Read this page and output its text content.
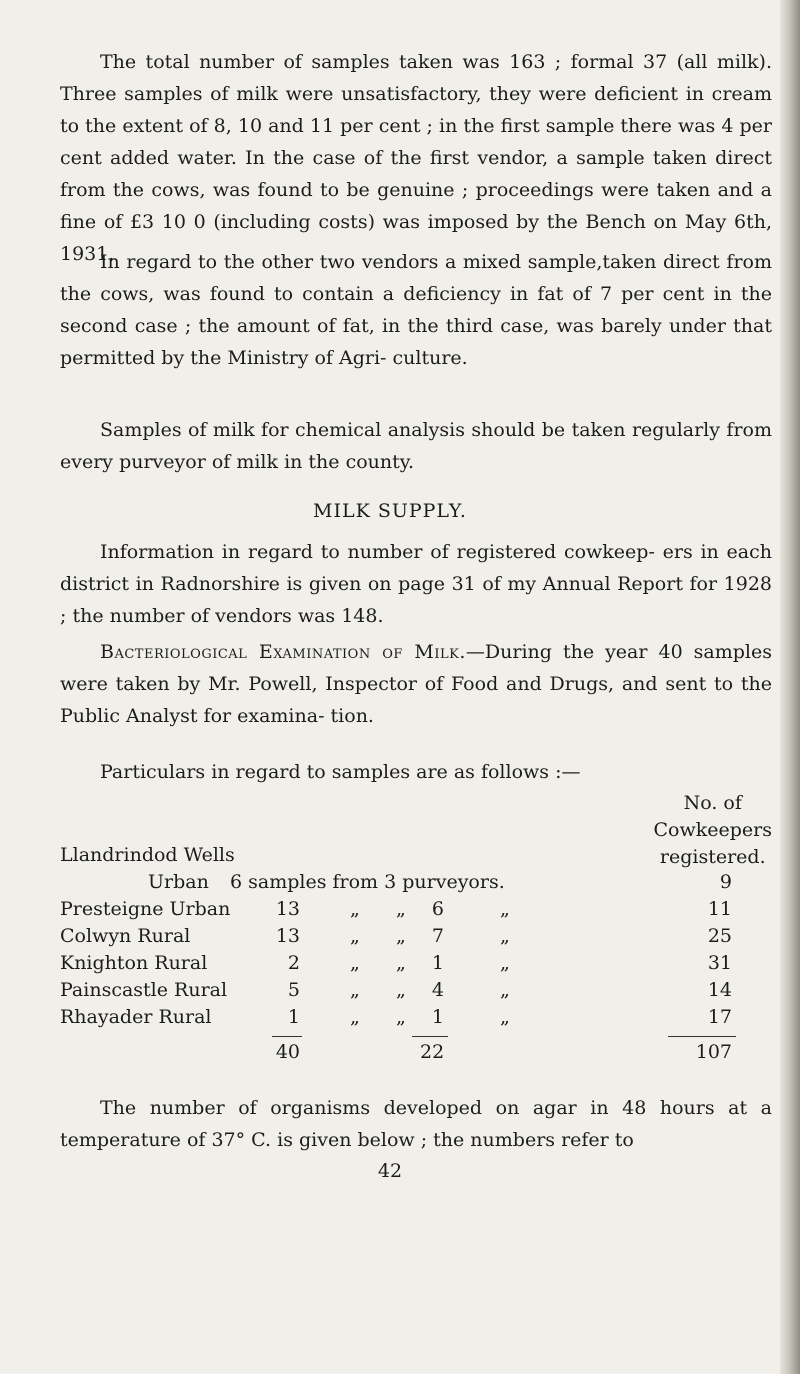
The total number of samples taken was 163 ; formal 37 (all milk). Three samples of milk were unsatisfactory, they were deficient in cream to the extent of 8, 10 and 11 per cent ; in the first sample there was 4 per cent added water. In the case of the first vendor, a sample taken direct from the cows, was found to be genuine ; proceedings were taken and a fine of £3 10 0 (including costs) was imposed by the Bench on May 6th, 1931.

In regard to the other two vendors a mixed sample,taken direct from the cows, was found to contain a deficiency in fat of 7 per cent in the second case ; the amount of fat, in the third case, was barely under that permitted by the Ministry of Agri- culture.

Samples of milk for chemical analysis should be taken regularly from every purveyor of milk in the county.

MILK SUPPLY.

Information in regard to number of registered cowkeep- ers in each district in Radnorshire is given on page 31 of my Annual Report for 1928 ; the number of vendors was 148.

Bacteriological Examination of Milk.—During the year 40 samples were taken by Mr. Powell, Inspector of Food and Drugs, and sent to the Public Analyst for examina- tion.

Particulars in regard to samples are as follows :—

No. of
Cowkeepers
registered.
Llandrindod Wells
Urban 6 samples from 3 purveyors.	9
Presteigne Urban	13	„ „	6	„	11
Colwyn Rural	13	„ „	7	„	25
Knighton Rural	2	„ „	1	„	31
Painscastle Rural	5	„ „	4	„	14
Rhayader Rural	1	„ „	1	„	17
40	22	107

The number of organisms developed on agar in 48 hours at a temperature of 37° C. is given below ; the numbers refer to

42
